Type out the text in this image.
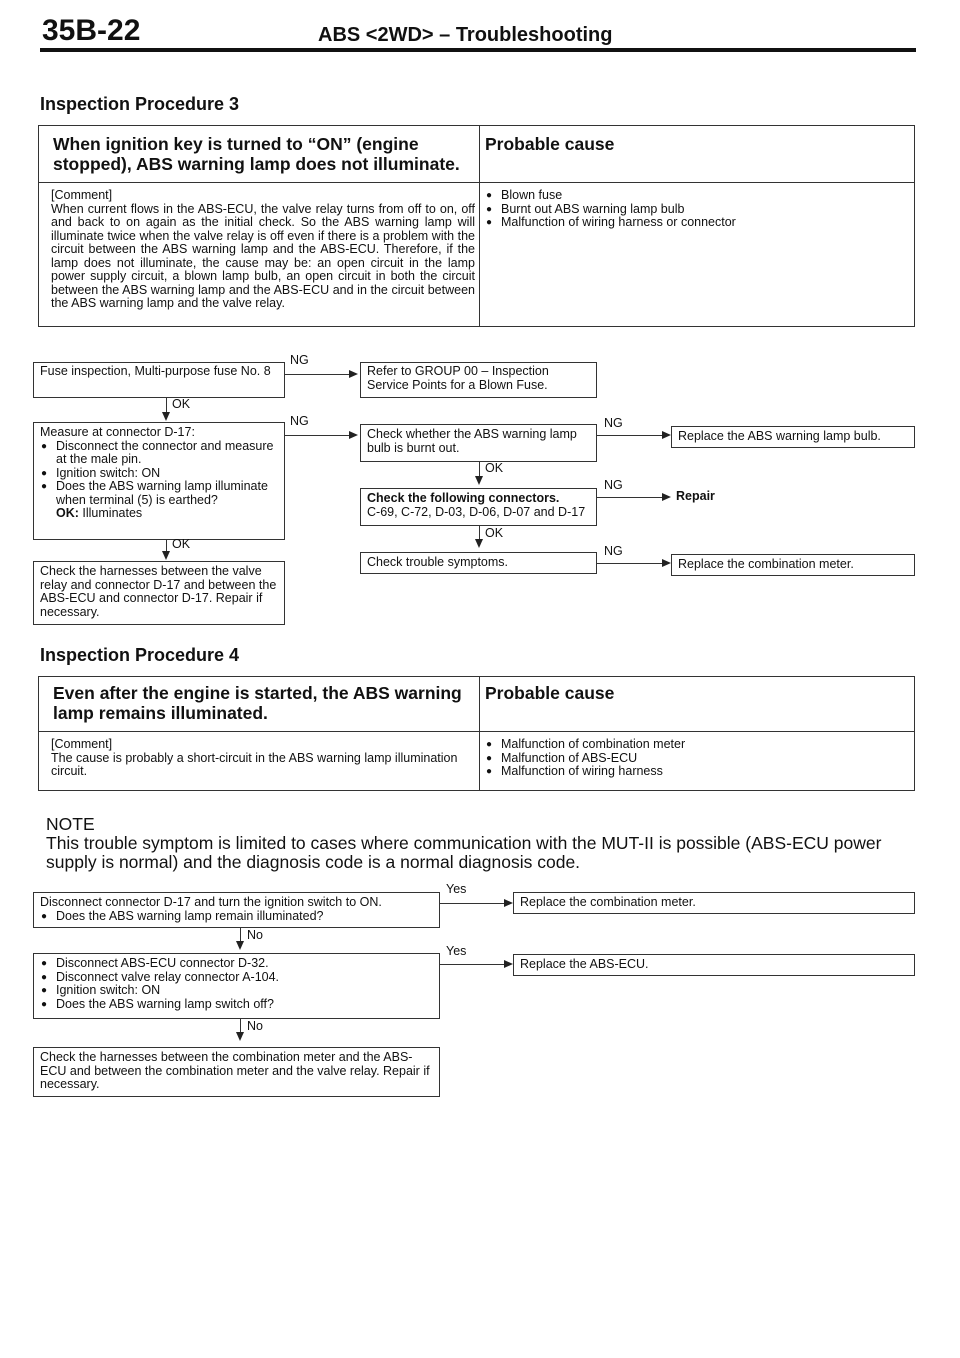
35B-22	ABS <2WD> – Troubleshooting
Inspection Procedure 3
When ignition key is turned to “ON” (engine stopped), ABS warning lamp does not illuminate.
Probable cause
[Comment]
When current flows in the ABS-ECU, the valve relay turns from off to on, off and back to on again as the initial check. So the ABS warning lamp will illuminate twice when the valve relay is off even if there is a problem with the circuit between the ABS warning lamp and the ABS-ECU. Therefore, if the lamp does not illuminate, the cause may be: an open circuit in the lamp power supply circuit, a blown lamp bulb, an open circuit in both the circuit between the ABS warning lamp and the ABS-ECU and in the circuit between the ABS warning lamp and the valve relay.
● Blown fuse
● Burnt out ABS warning lamp bulb
● Malfunction of wiring harness or connector
Fuse inspection, Multi-purpose fuse No. 8
NG
Refer to GROUP 00 – Inspection Service Points for a Blown Fuse.
OK
Measure at connector D-17:
● Disconnect the connector and measure at the male pin.
● Ignition switch: ON
● Does the ABS warning lamp illuminate when terminal (5) is earthed?
OK: Illuminates
NG
Check whether the ABS warning lamp bulb is burnt out.
NG
Replace the ABS warning lamp bulb.
OK
Check the following connectors.
C-69, C-72, D-03, D-06, D-07 and D-17
NG
Repair
OK
Check trouble symptoms.
NG
Replace the combination meter.
OK
Check the harnesses between the valve relay and connector D-17 and between the ABS-ECU and connector D-17. Repair if necessary.
Inspection Procedure 4
Even after the engine is started, the ABS warning lamp remains illuminated.
Probable cause
[Comment]
The cause is probably a short-circuit in the ABS warning lamp illumination circuit.
● Malfunction of combination meter
● Malfunction of ABS-ECU
● Malfunction of wiring harness
NOTE
This trouble symptom is limited to cases where communication with the MUT-II is possible (ABS-ECU power supply is normal) and the diagnosis code is a normal diagnosis code.
Disconnect connector D-17 and turn the ignition switch to ON.
● Does the ABS warning lamp remain illuminated?
Yes
Replace the combination meter.
No
● Disconnect ABS-ECU connector D-32.
● Disconnect valve relay connector A-104.
● Ignition switch: ON
● Does the ABS warning lamp switch off?
Yes
Replace the ABS-ECU.
No
Check the harnesses between the combination meter and the ABS-ECU and between the combination meter and the valve relay. Repair if necessary.
